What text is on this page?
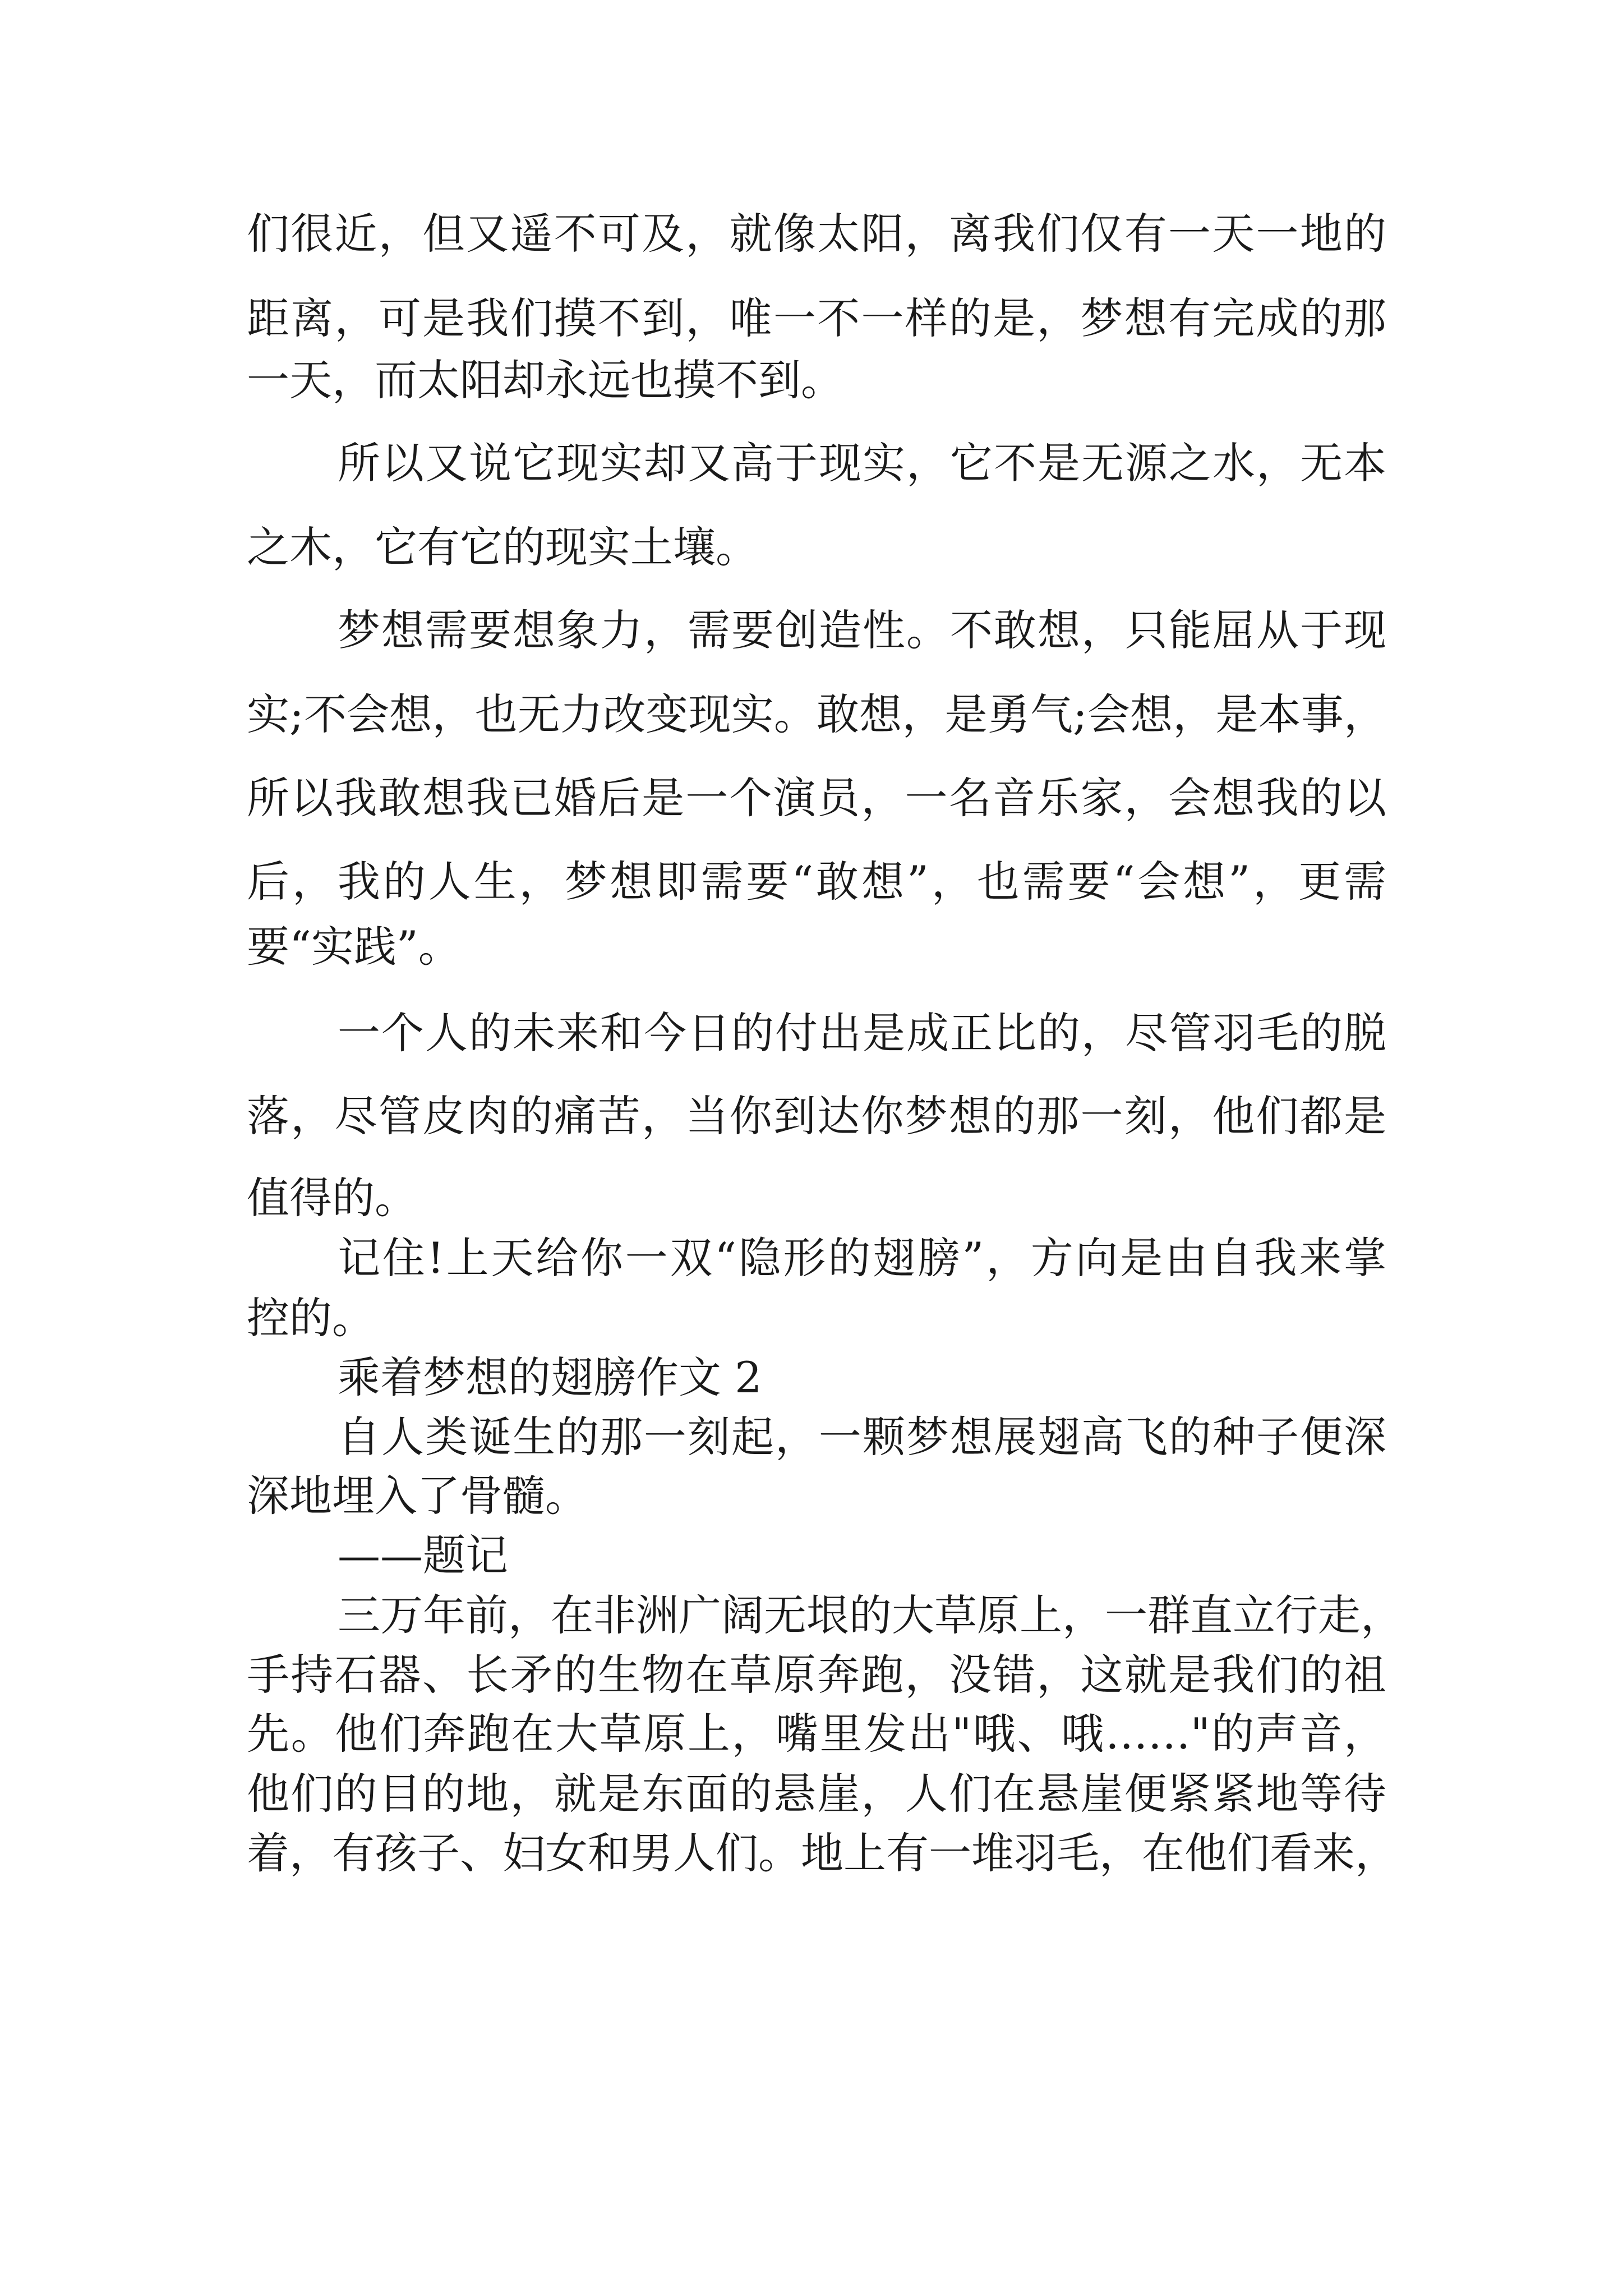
们很近，但又遥不可及，就像太阳，离我们仅有一天一地的

距离，可是我们摸不到，唯一不一样的是，梦想有完成的那

一天，而太阳却永远也摸不到。

所以又说它现实却又高于现实，它不是无源之水，无本

之木，它有它的现实土壤。

梦想需要想象力，需要创造性。不敢想，只能屈从于现

实;不会想，也无力改变现实。敢想，是勇气;会想，是本事，

所以我敢想我已婚后是一个演员，一名音乐家，会想我的以

后，我的人生，梦想即需要“敢想”，也需要“会想”，更需

要“实践”。

一个人的未来和今日的付出是成正比的，尽管羽毛的脱

落，尽管皮肉的痛苦，当你到达你梦想的那一刻，他们都是

值得的。

记住!上天给你一双“隐形的翅膀”，方向是由自我来掌

控的。

乘着梦想的翅膀作文 2

自人类诞生的那一刻起，一颗梦想展翅高飞的种子便深

深地埋入了骨髓。

——题记

三万年前，在非洲广阔无垠的大草原上，一群直立行走，

手持石器、长矛的生物在草原奔跑，没错，这就是我们的祖

先。他们奔跑在大草原上，嘴里发出"哦、哦……"的声音，

他们的目的地，就是东面的悬崖，人们在悬崖便紧紧地等待

着，有孩子、妇女和男人们。地上有一堆羽毛，在他们看来，
